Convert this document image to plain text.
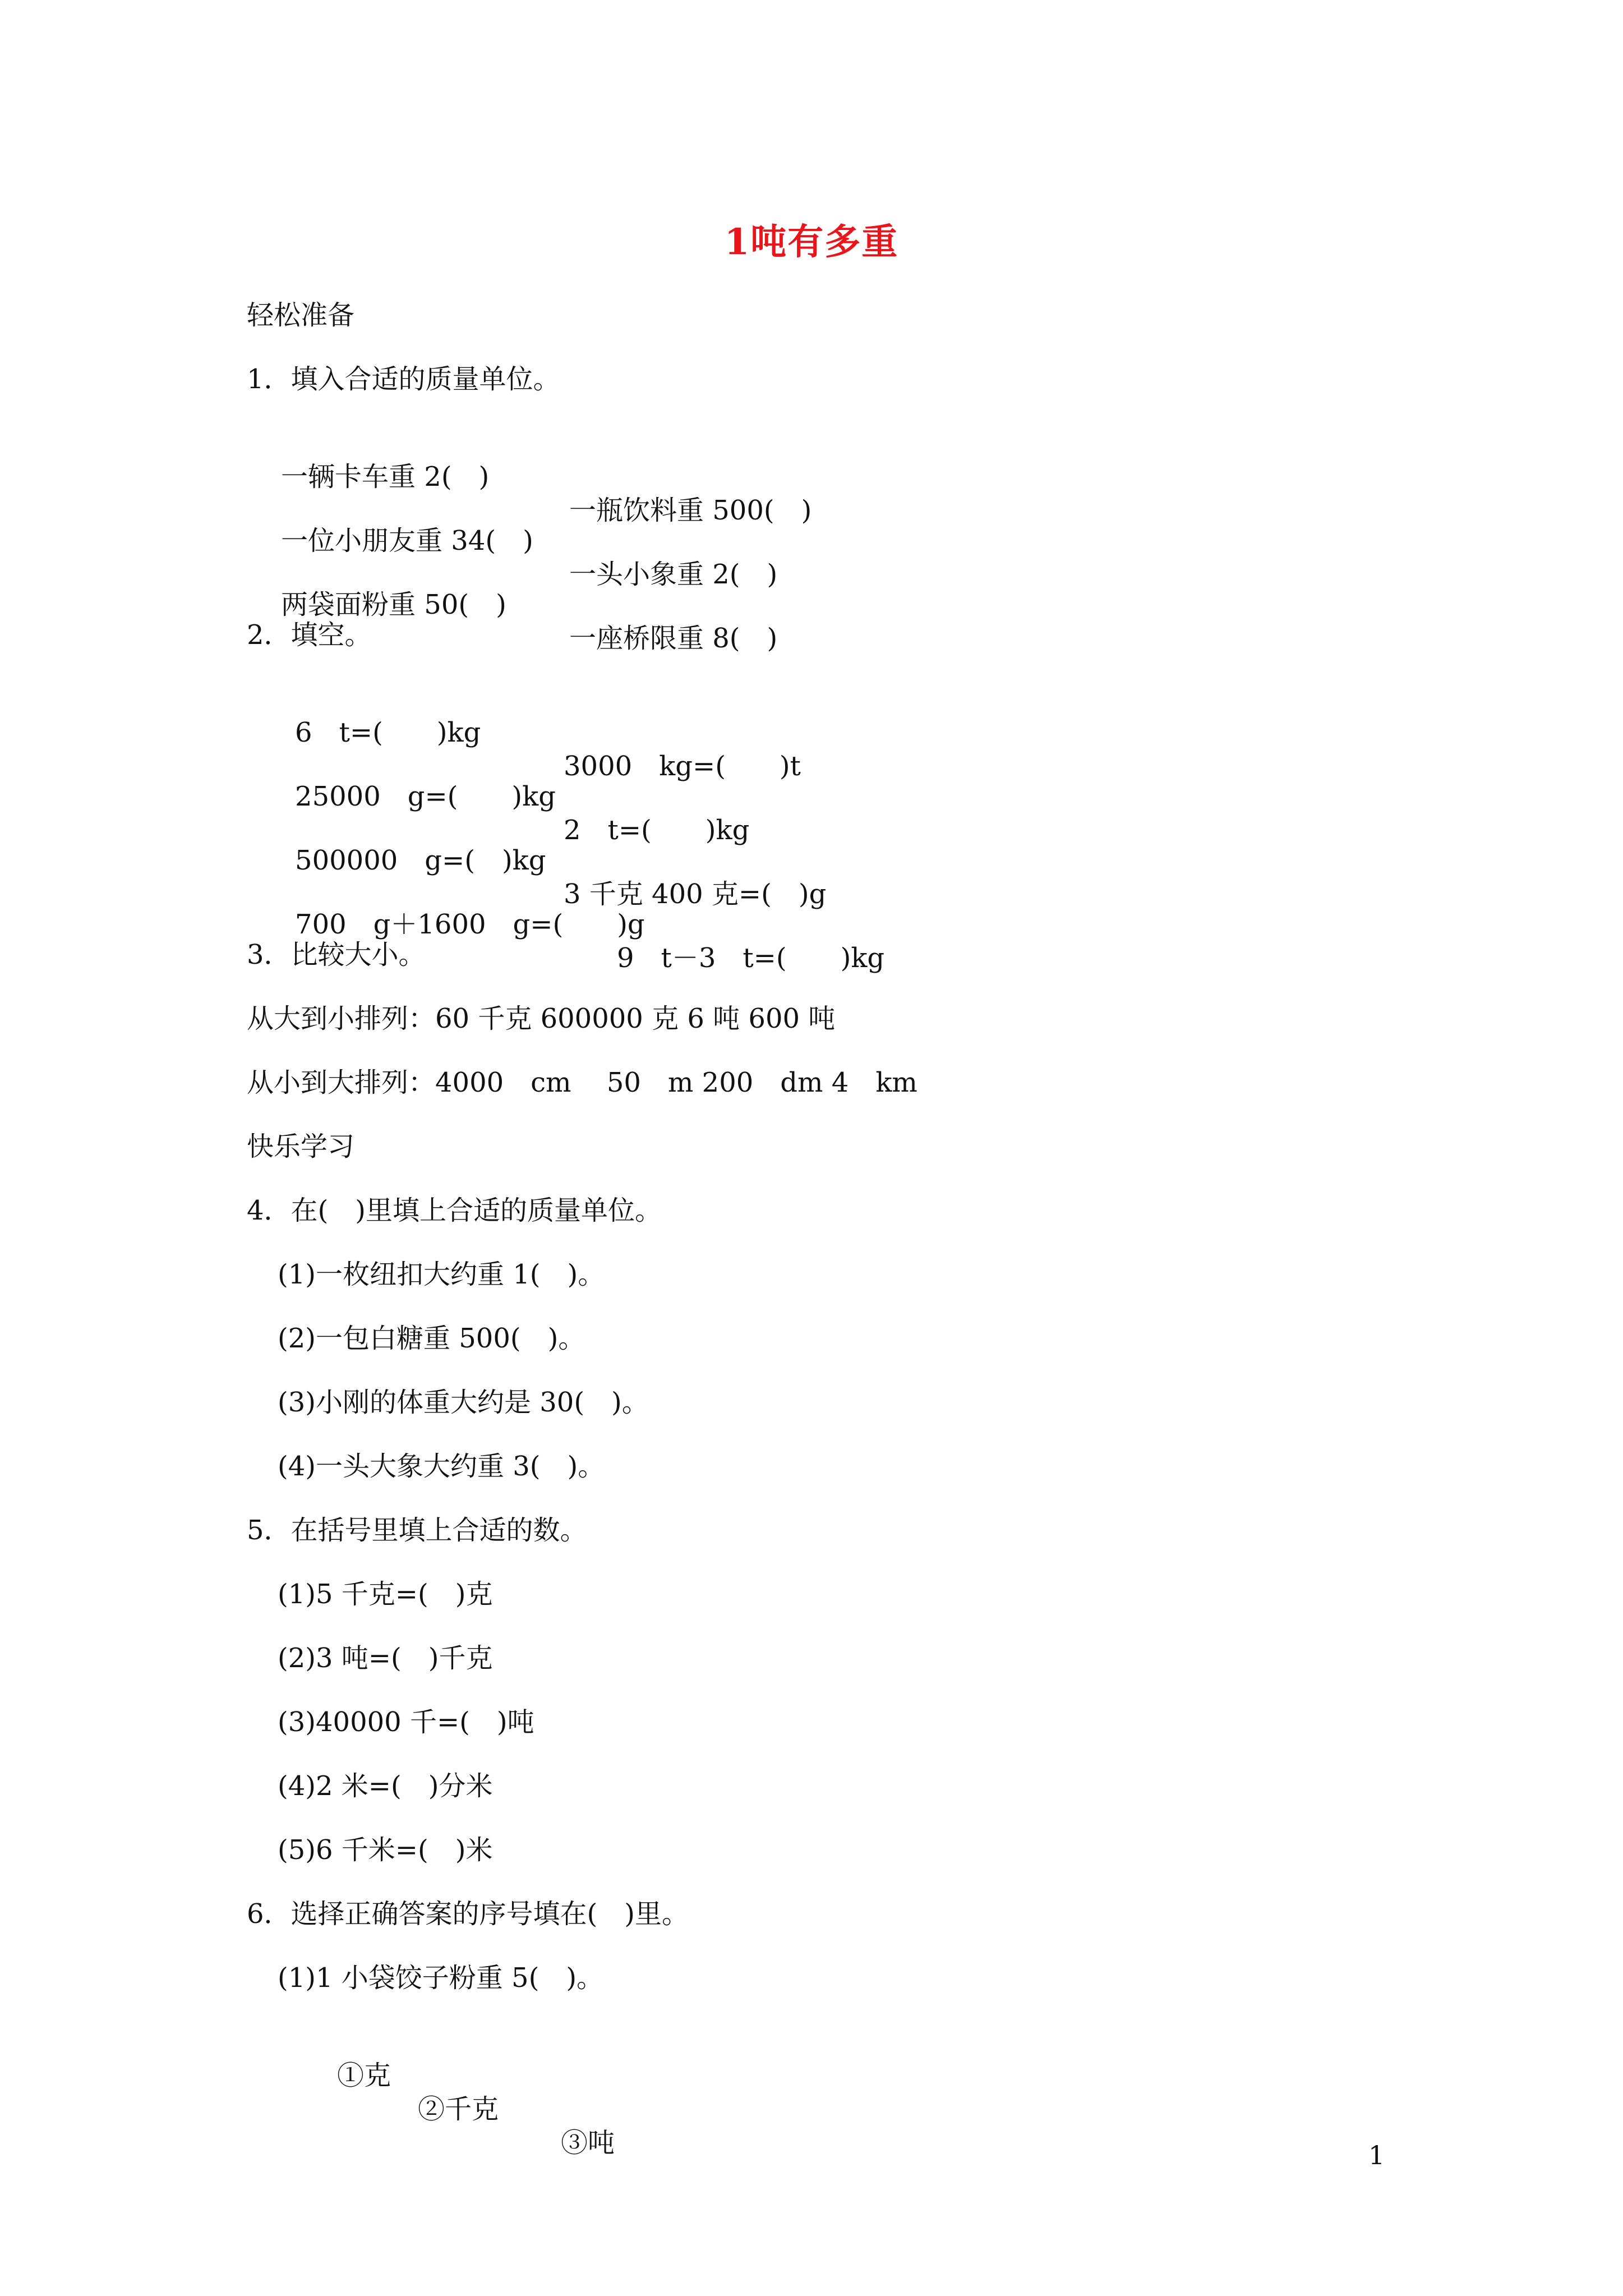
1吨有多重
轻松准备
1．填入合适的质量单位。

一辆卡车重 2( )

一瓶饮料重 500( )

一位小朋友重 34( )

一头小象重 2( )

两袋面粉重 50( )

一座桥限重 8( )

2．填空。

6　t=(  )kg

3000　kg=(  )t

25000　g=(  )kg

2　t=(  )kg

500000　g=( )kg

3 千克 400 克=( )g

700　g＋1600　g=(  )g

9　t－3　t=(  )kg

3．比较大小。
从大到小排列：60 千克 600000 克 6 吨 600 吨
从小到大排列：4000　cm　 50　m 200　dm 4　km
快乐学习
4．在( )里填上合适的质量单位。
(1)一枚纽扣大约重 1( )。
(2)一包白糖重 500( )。
(3)小刚的体重大约是 30( )。
(4)一头大象大约重 3( )。
5．在括号里填上合适的数。
(1)5 千克=( )克
(2)3 吨=( )千克
(3)40000 千=( )吨
(4)2 米=( )分米
(5)6 千米=( )米
6．选择正确答案的序号填在( )里。
(1)1 小袋饺子粉重 5( )。

①克

②千克

③吨

	1
